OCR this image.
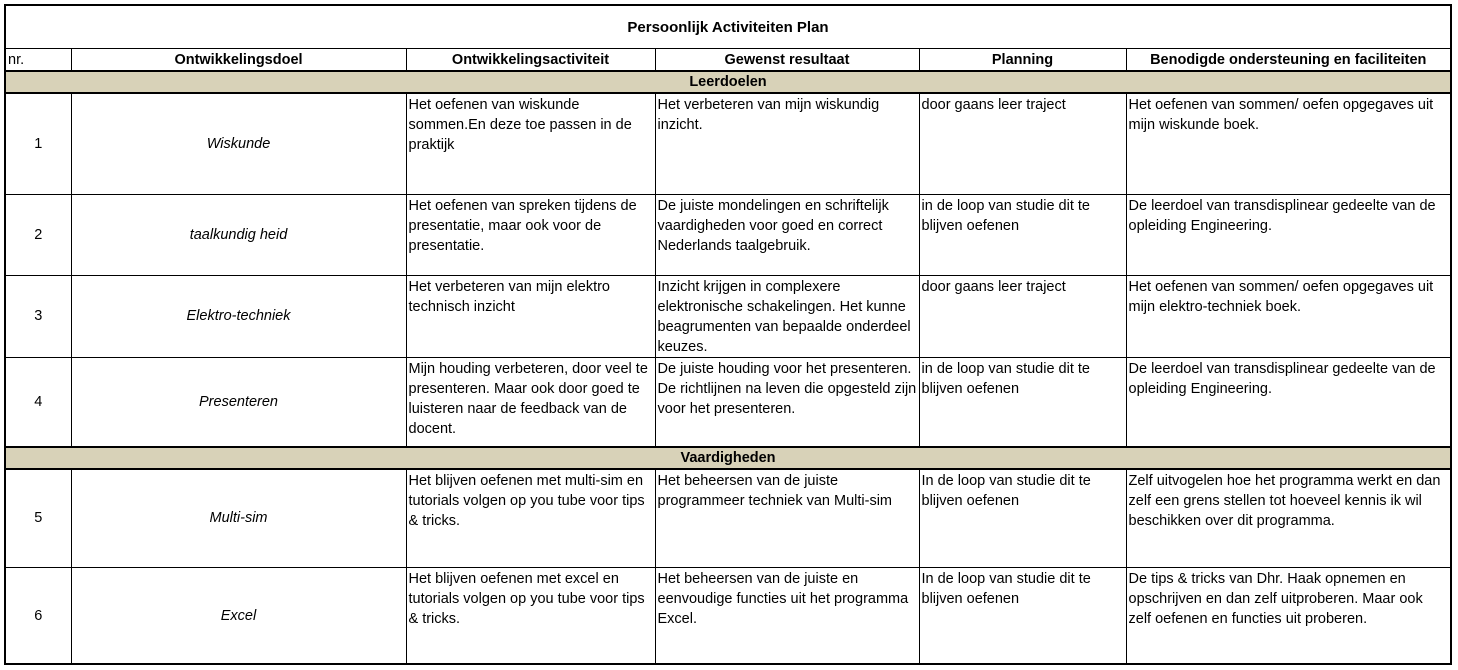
Persoonlijk Activiteiten Plan
nr.	Ontwikkelingsdoel	Ontwikkelingsactiviteit	Gewenst resultaat	Planning	Benodigde ondersteuning en faciliteiten
Leerdoelen					
1	Wiskunde	Het oefenen van wiskunde sommen.En deze toe passen in de praktijk	Het verbeteren van mijn wiskundig inzicht.	door gaans leer traject	Het oefenen van sommen/ oefen opgegaves uit mijn wiskunde boek.
2	taalkundig heid	Het oefenen van spreken tijdens de presentatie, maar ook voor de presentatie.	De juiste mondelingen en schriftelijk vaardigheden voor goed en correct Nederlands taalgebruik.	in de loop van studie dit te blijven oefenen	De leerdoel van transdisplinear gedeelte van de opleiding Engineering.
3	Elektro-techniek	Het verbeteren van mijn elektro technisch inzicht	Inzicht krijgen in complexere elektronische schakelingen. Het kunne beagrumenten van bepaalde onderdeel keuzes.	door gaans leer traject	Het oefenen van sommen/ oefen opgegaves uit mijn elektro-techniek boek.
4	Presenteren	Mijn houding verbeteren, door veel te presenteren. Maar ook door goed te luisteren naar de feedback van de docent.	De juiste houding voor het presenteren. De richtlijnen na leven die opgesteld zijn voor het presenteren.	in de loop van studie dit te blijven oefenen	De leerdoel van transdisplinear gedeelte van de opleiding Engineering.
Vaardigheden					
5	Multi-sim	Het blijven oefenen met multi-sim en tutorials volgen op you tube voor tips & tricks.	Het beheersen van de juiste programmeer techniek van Multi-sim	In de loop van studie dit te blijven oefenen	Zelf uitvogelen hoe het programma werkt en dan zelf een grens stellen tot hoeveel kennis ik wil beschikken over dit programma.
6	Excel	Het blijven oefenen met excel en tutorials volgen op you tube voor tips & tricks.	Het beheersen van de juiste en eenvoudige functies uit het programma Excel.	In de loop van studie dit te blijven oefenen	De tips & tricks van Dhr. Haak opnemen en opschrijven en dan zelf uitproberen. Maar ook zelf oefenen en functies uit proberen.
